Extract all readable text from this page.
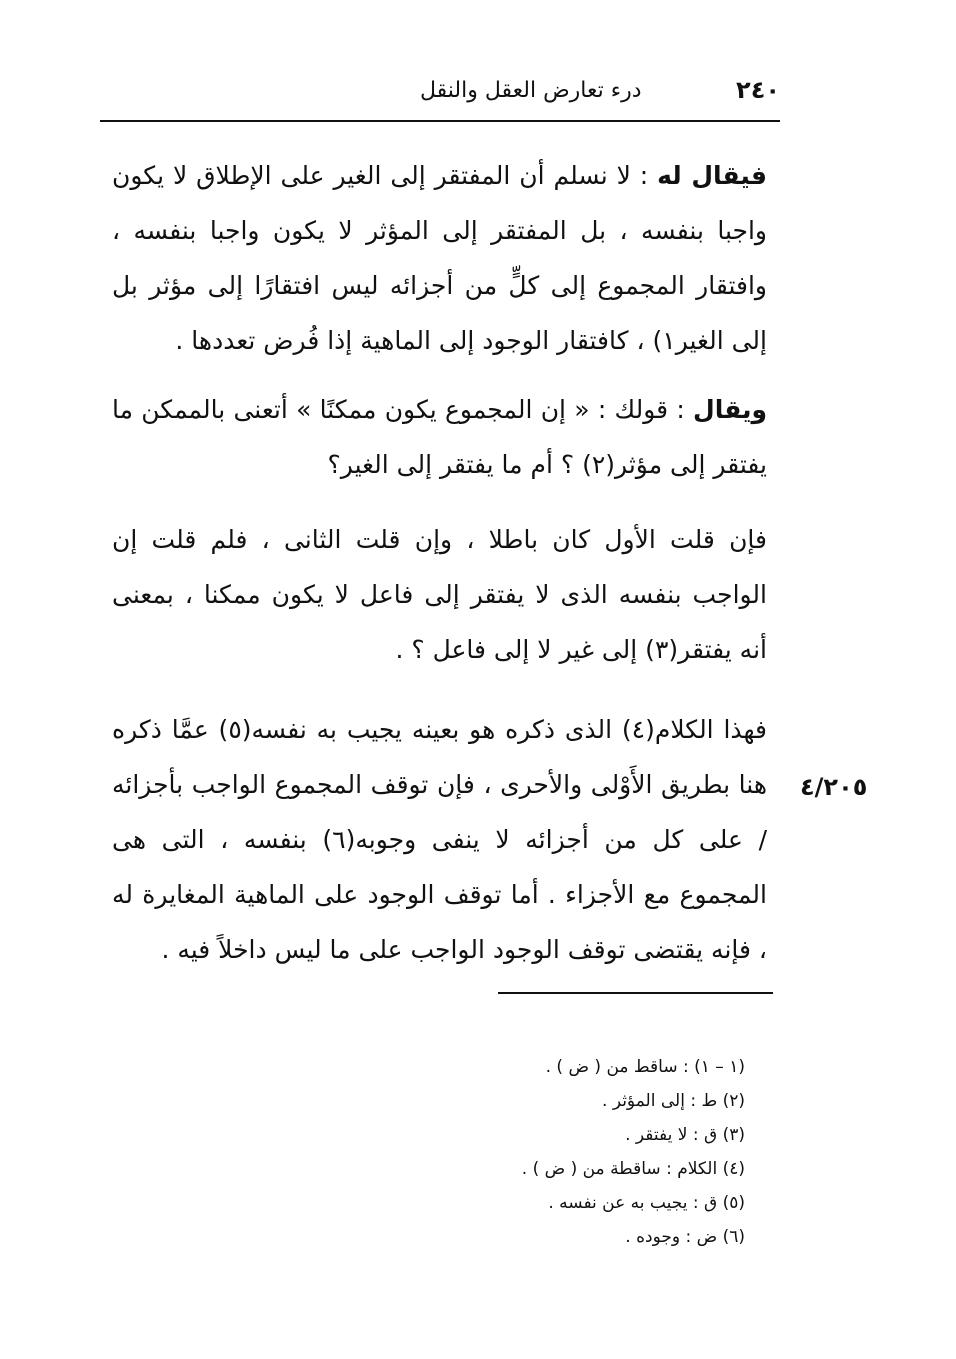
درء تعارض العقل والنقل	٢٤٠

فيقال له : لا نسلم أن المفتقر إلى الغير على الإطلاق لا يكون واجبا بنفسه ، بل المفتقر إلى المؤثر لا يكون واجبا بنفسه ، وافتقار المجموع إلى كلٍّ من أجزائه ليس افتقارًا إلى مؤثر بل إلى الغير١) ، كافتقار الوجود إلى الماهية إذا فُرض تعددها .

ويقال : قولك : « إن المجموع يكون ممكنًا » أتعنى بالممكن ما يفتقر إلى مؤثر(٢) ؟ أم ما يفتقر إلى الغير؟

فإن قلت الأول كان باطلا ، وإن قلت الثانى ، فلم قلت إن الواجب بنفسه الذى لا يفتقر إلى فاعل لا يكون ممكنا ، بمعنى أنه يفتقر(٣) إلى غير لا إلى فاعل ؟ .

فهذا الكلام(٤) الذى ذكره هو بعينه يجيب به نفسه(٥) عمَّا ذكره هنا بطريق الأَوْلى والأحرى ، فإن توقف المجموع الواجب بأجزائه / على كل من أجزائه لا ينفى وجوبه(٦) بنفسه ، التى هى المجموع مع الأجزاء . أما توقف الوجود على الماهية المغايرة له ، فإنه يقتضى توقف الوجود الواجب على ما ليس داخلاً فيه .

٤/٢٠٥
(١ – ١) : ساقط من ( ض ) .
(٢) ط : إلى المؤثر .
(٣) ق : لا يفتقر .
(٤) الكلام : ساقطة من ( ض ) .
(٥) ق : يجيب به عن نفسه .
(٦) ض : وجوده .
